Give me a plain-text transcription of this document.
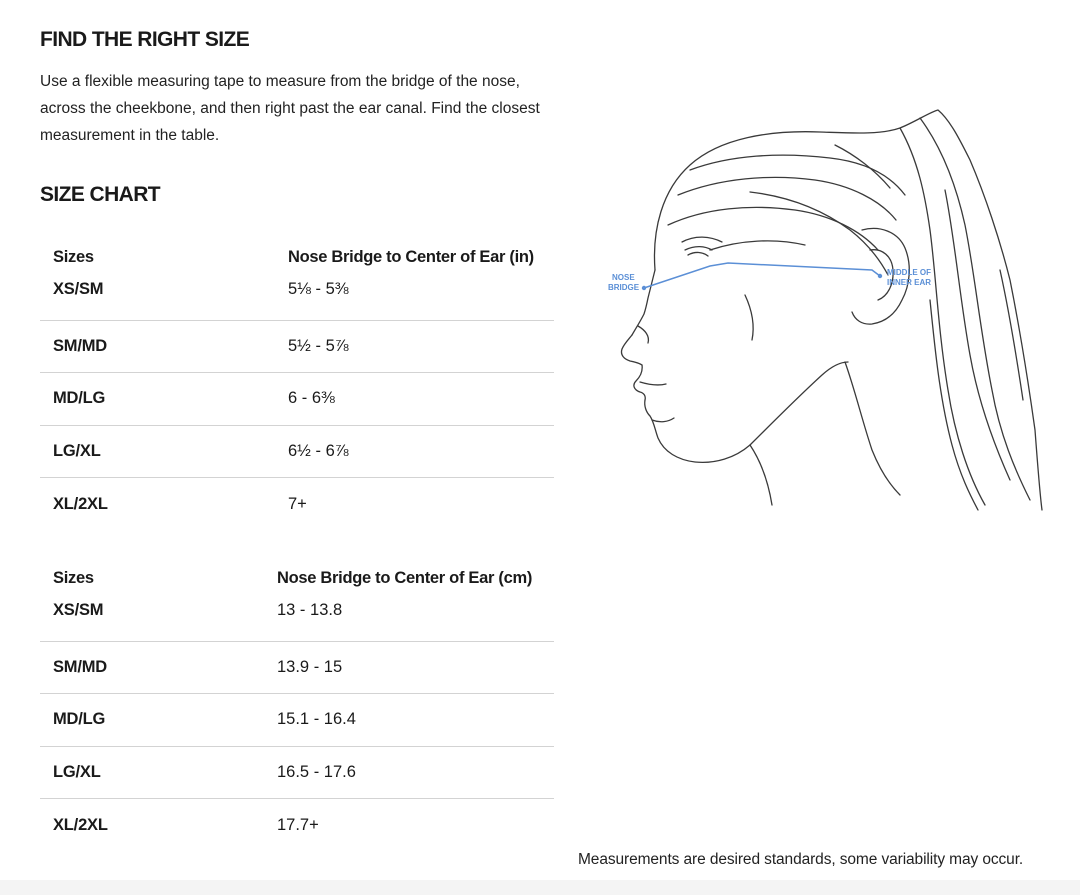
FIND THE RIGHT SIZE

Use a flexible measuring tape to measure from the bridge of the nose, across the cheekbone, and then right past the ear canal. Find the closest measurement in the table.

SIZE CHART
Sizes	Nose Bridge to Center of Ear (in)
XS/SM	5⅛ - 5⅜
SM/MD	5½ - 5⅞
MD/LG	6 - 6⅜
LG/XL	6½ - 6⅞
XL/2XL	7+
Sizes	Nose Bridge to Center of Ear (cm)
XS/SM	13 - 13.8
SM/MD	13.9 - 15
MD/LG	15.1 - 16.4
LG/XL	16.5 - 17.6
XL/2XL	17.7+
NOSE
BRIDGE
MIDDLE OF
INNER EAR

Measurements are desired standards, some variability may occur.
